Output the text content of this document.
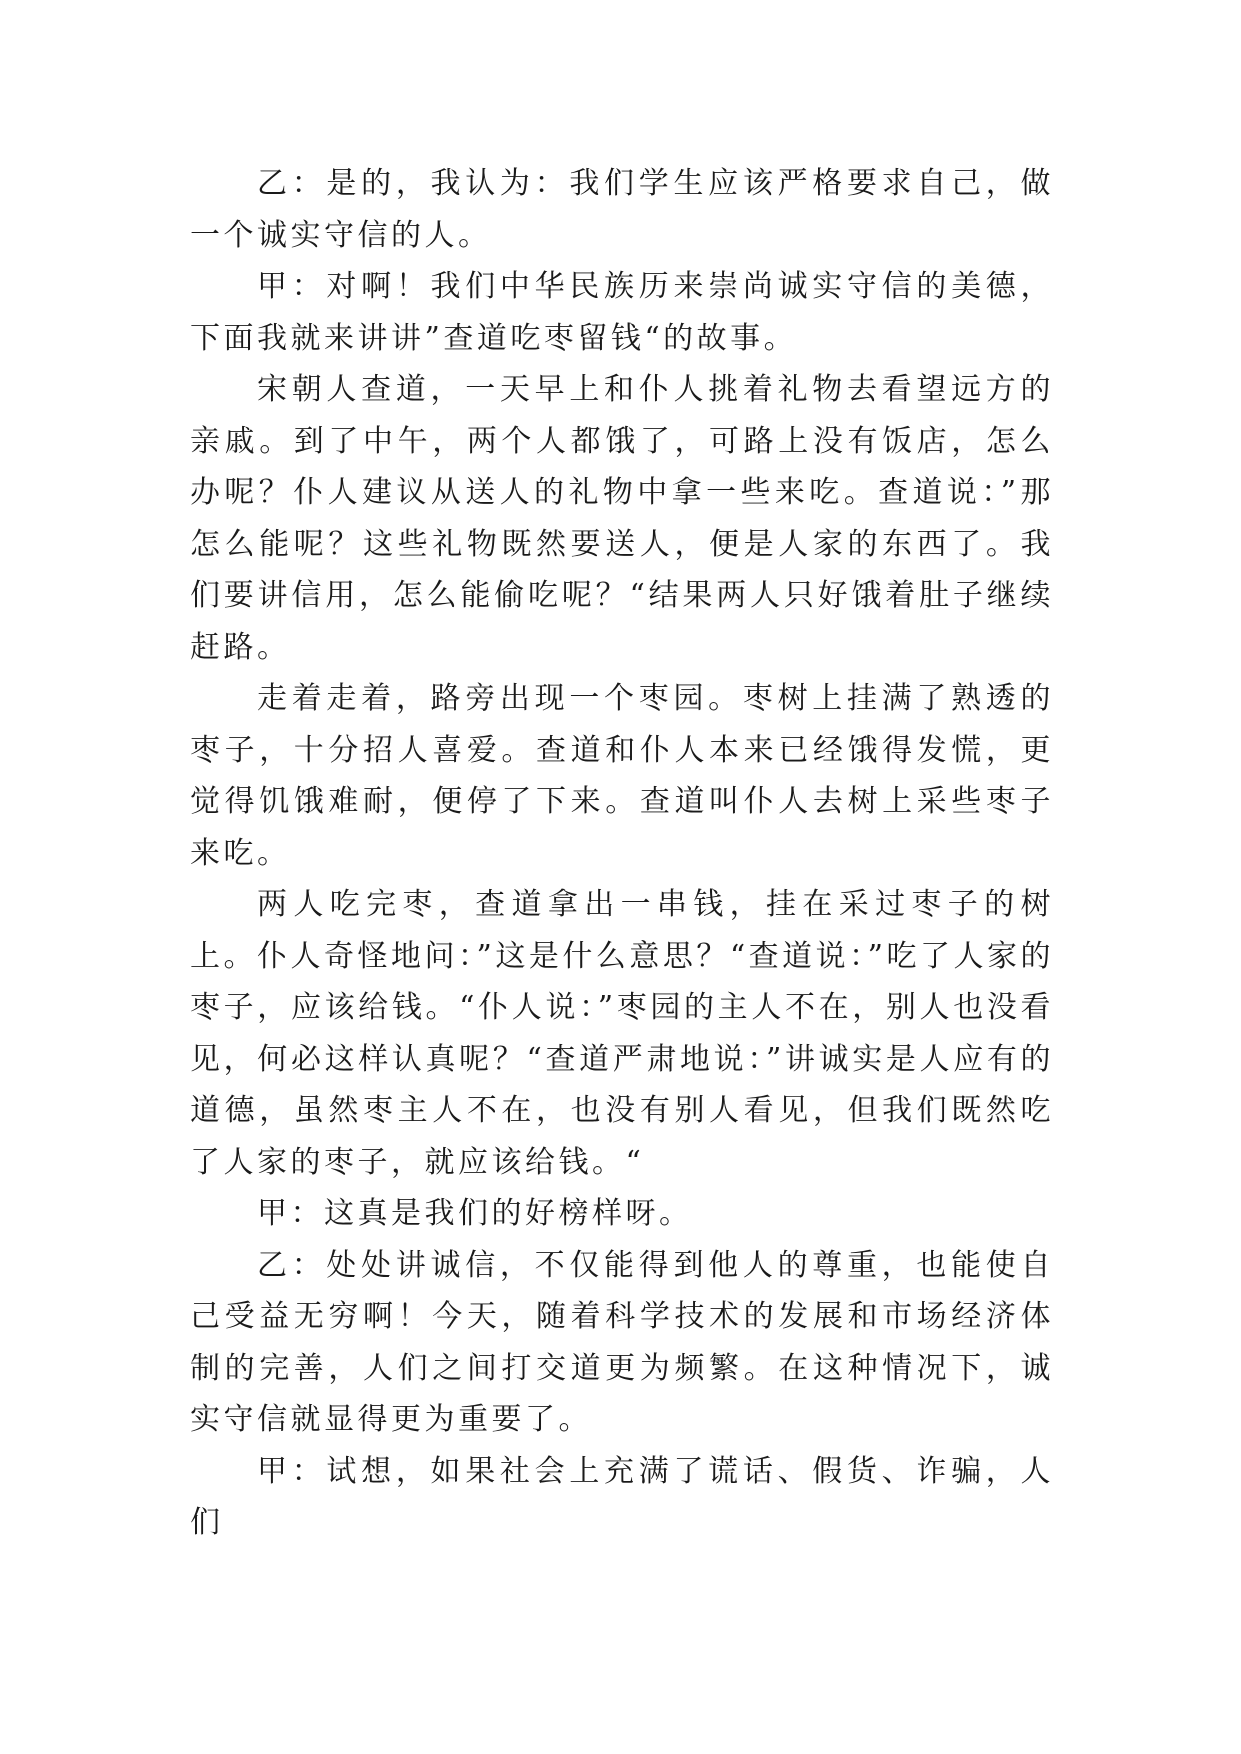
乙：是的，我认为：我们学生应该严格要求自己，做一个诚实守信的人。

甲：对啊！我们中华民族历来崇尚诚实守信的美德，下面我就来讲讲”查道吃枣留钱“的故事。

宋朝人查道，一天早上和仆人挑着礼物去看望远方的亲戚。到了中午，两个人都饿了，可路上没有饭店，怎么办呢？仆人建议从送人的礼物中拿一些来吃。查道说：”那怎么能呢？这些礼物既然要送人，便是人家的东西了。我们要讲信用，怎么能偷吃呢？“结果两人只好饿着肚子继续赶路。

走着走着，路旁出现一个枣园。枣树上挂满了熟透的枣子，十分招人喜爱。查道和仆人本来已经饿得发慌，更觉得饥饿难耐，便停了下来。查道叫仆人去树上采些枣子来吃。

两人吃完枣，查道拿出一串钱，挂在采过枣子的树上。仆人奇怪地问：”这是什么意思？“查道说：”吃了人家的枣子，应该给钱。“仆人说：”枣园的主人不在，别人也没看见，何必这样认真呢？“查道严肃地说：”讲诚实是人应有的道德，虽然枣主人不在，也没有别人看见，但我们既然吃了人家的枣子，就应该给钱。“

甲：这真是我们的好榜样呀。

乙：处处讲诚信，不仅能得到他人的尊重，也能使自己受益无穷啊！今天，随着科学技术的发展和市场经济体制的完善，人们之间打交道更为频繁。在这种情况下，诚实守信就显得更为重要了。

甲：试想，如果社会上充满了谎话、假货、诈骗，人们
